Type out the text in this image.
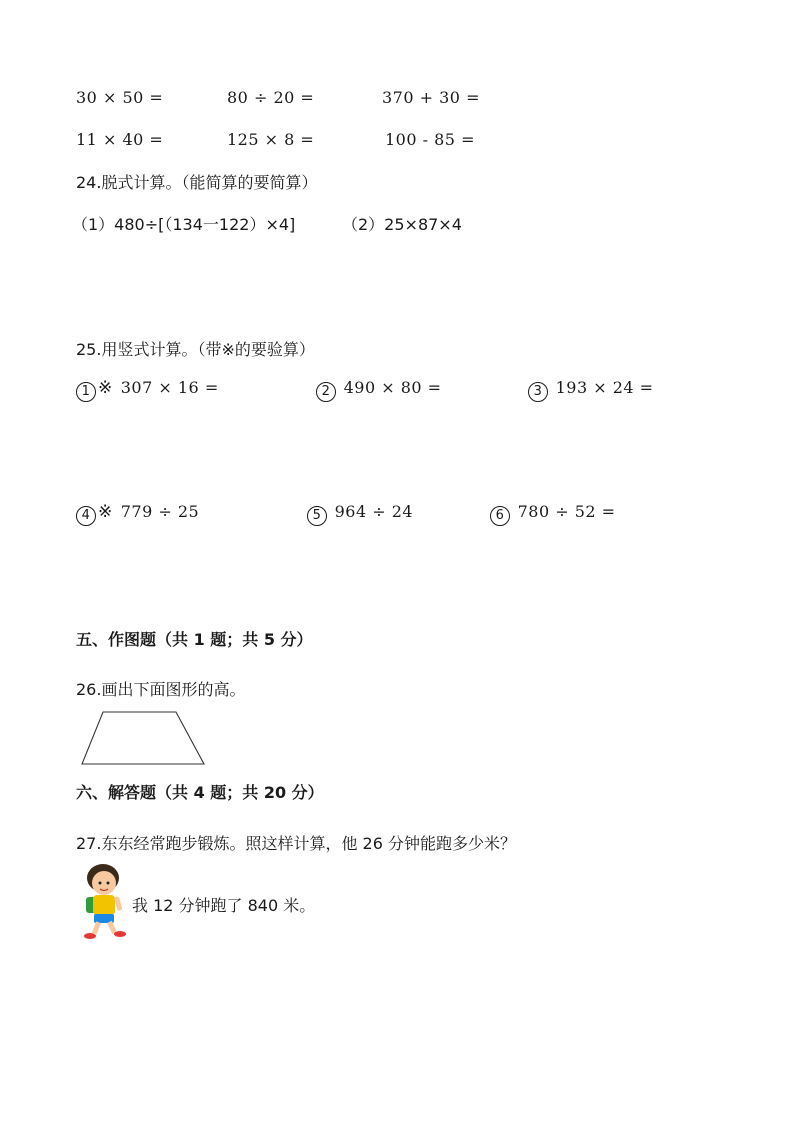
30 × 50 =	80 ÷ 20 =	370 + 30 =
11 × 40 =	125 × 8 =	100 - 85 =
24.脱式计算。（能简算的要简算）
（1）480÷[（134一122）×4]	（2）25×87×4
25.用竖式计算。（带※的要验算）
1 ※ 307 × 16 =	2 490 × 80 =	3 193 × 24 =
4 ※ 779 ÷ 25	5 964 ÷ 24	6 780 ÷ 52 =
五、作图题（共 1 题；共 5 分）
26.画出下面图形的高。
六、解答题（共 4 题；共 20 分）
27.东东经常跑步锻炼。照这样计算，他 26 分钟能跑多少米？
我 12 分钟跑了 840 米。
